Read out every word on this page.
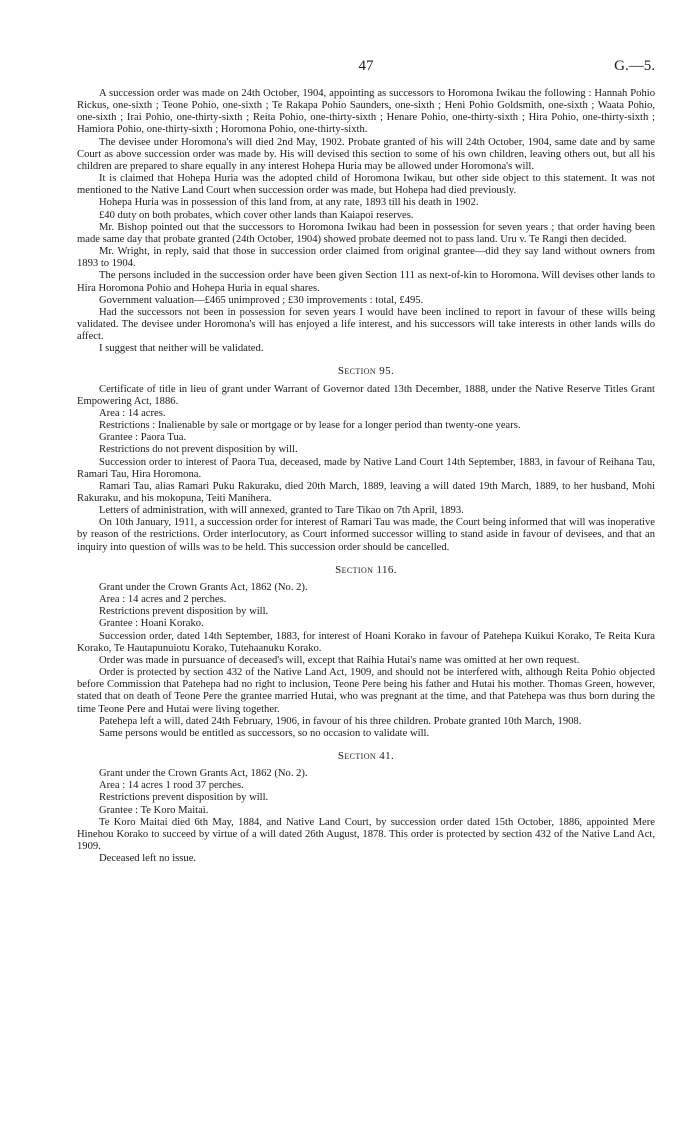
47	G.—5.

A succession order was made on 24th October, 1904, appointing as successors to Horomona Iwikau the following : Hannah Pohio Rickus, one-sixth ; Teone Pohio, one-sixth ; Te Rakapa Pohio Saunders, one-sixth ; Heni Pohio Goldsmith, one-sixth ; Waata Pohio, one-sixth ; Irai Pohio, one-thirty-sixth ; Reita Pohio, one-thirty-sixth ; Henare Pohio, one-thirty-sixth ; Hira Pohio, one-thirty-sixth ; Hamiora Pohio, one-thirty-sixth ; Horomona Pohio, one-thirty-sixth.

The devisee under Horomona's will died 2nd May, 1902. Probate granted of his will 24th October, 1904, same date and by same Court as above succession order was made by. His will devised this section to some of his own children, leaving others out, but all his children are prepared to share equally in any interest Hohepa Huria may be allowed under Horomona's will.

It is claimed that Hohepa Huria was the adopted child of Horomona Iwikau, but other side object to this statement. It was not mentioned to the Native Land Court when succession order was made, but Hohepa had died previously.

Hohepa Huria was in possession of this land from, at any rate, 1893 till his death in 1902.

£40 duty on both probates, which cover other lands than Kaiapoi reserves.

Mr. Bishop pointed out that the successors to Horomona Iwikau had been in possession for seven years ; that order having been made same day that probate granted (24th October, 1904) showed probate deemed not to pass land. Uru v. Te Rangi then decided.

Mr. Wright, in reply, said that those in succession order claimed from original grantee—did they say land without owners from 1893 to 1904.

The persons included in the succession order have been given Section 111 as next-of-kin to Horomona. Will devises other lands to Hira Horomona Pohio and Hohepa Huria in equal shares.

Government valuation—£465 unimproved ; £30 improvements : total, £495.

Had the successors not been in possession for seven years I would have been inclined to report in favour of these wills being validated. The devisee under Horomona's will has enjoyed a life interest, and his successors will take interests in other lands wills do affect.

I suggest that neither will be validated.

Section 95.

Certificate of title in lieu of grant under Warrant of Governor dated 13th December, 1888, under the Native Reserve Titles Grant Empowering Act, 1886.

Area : 14 acres.

Restrictions : Inalienable by sale or mortgage or by lease for a longer period than twenty-one years.

Grantee : Paora Tua.

Restrictions do not prevent disposition by will.

Succession order to interest of Paora Tua, deceased, made by Native Land Court 14th September, 1883, in favour of Reihana Tau, Ramari Tau, Hira Horomona.

Ramari Tau, alias Ramari Puku Rakuraku, died 20th March, 1889, leaving a will dated 19th March, 1889, to her husband, Mohi Rakuraku, and his mokopuna, Teiti Manihera.

Letters of administration, with will annexed, granted to Tare Tikao on 7th April, 1893.

On 10th January, 1911, a succession order for interest of Ramari Tau was made, the Court being informed that will was inoperative by reason of the restrictions. Order interlocutory, as Court informed successor willing to stand aside in favour of devisees, and that an inquiry into question of wills was to be held. This succession order should be cancelled.

Section 116.

Grant under the Crown Grants Act, 1862 (No. 2).

Area : 14 acres and 2 perches.

Restrictions prevent disposition by will.

Grantee : Hoani Korako.

Succession order, dated 14th September, 1883, for interest of Hoani Korako in favour of Patehepa Kuikui Korako, Te Reita Kura Korako, Te Hautapunuiotu Korako, Tutehaanuku Korako.

Order was made in pursuance of deceased's will, except that Raihia Hutai's name was omitted at her own request.

Order is protected by section 432 of the Native Land Act, 1909, and should not be interfered with, although Reita Pohio objected before Commission that Patehepa had no right to inclusion, Teone Pere being his father and Hutai his mother. Thomas Green, however, stated that on death of Teone Pere the grantee married Hutai, who was pregnant at the time, and that Patehepa was thus born during the time Teone Pere and Hutai were living together.

Patehepa left a will, dated 24th February, 1906, in favour of his three children. Probate granted 10th March, 1908.

Same persons would be entitled as successors, so no occasion to validate will.

Section 41.

Grant under the Crown Grants Act, 1862 (No. 2).

Area : 14 acres 1 rood 37 perches.

Restrictions prevent disposition by will.

Grantee : Te Koro Maitai.

Te Koro Maitai died 6th May, 1884, and Native Land Court, by succession order dated 15th October, 1886, appointed Mere Hinehou Korako to succeed by virtue of a will dated 26th August, 1878. This order is protected by section 432 of the Native Land Act, 1909.

Deceased left no issue.
